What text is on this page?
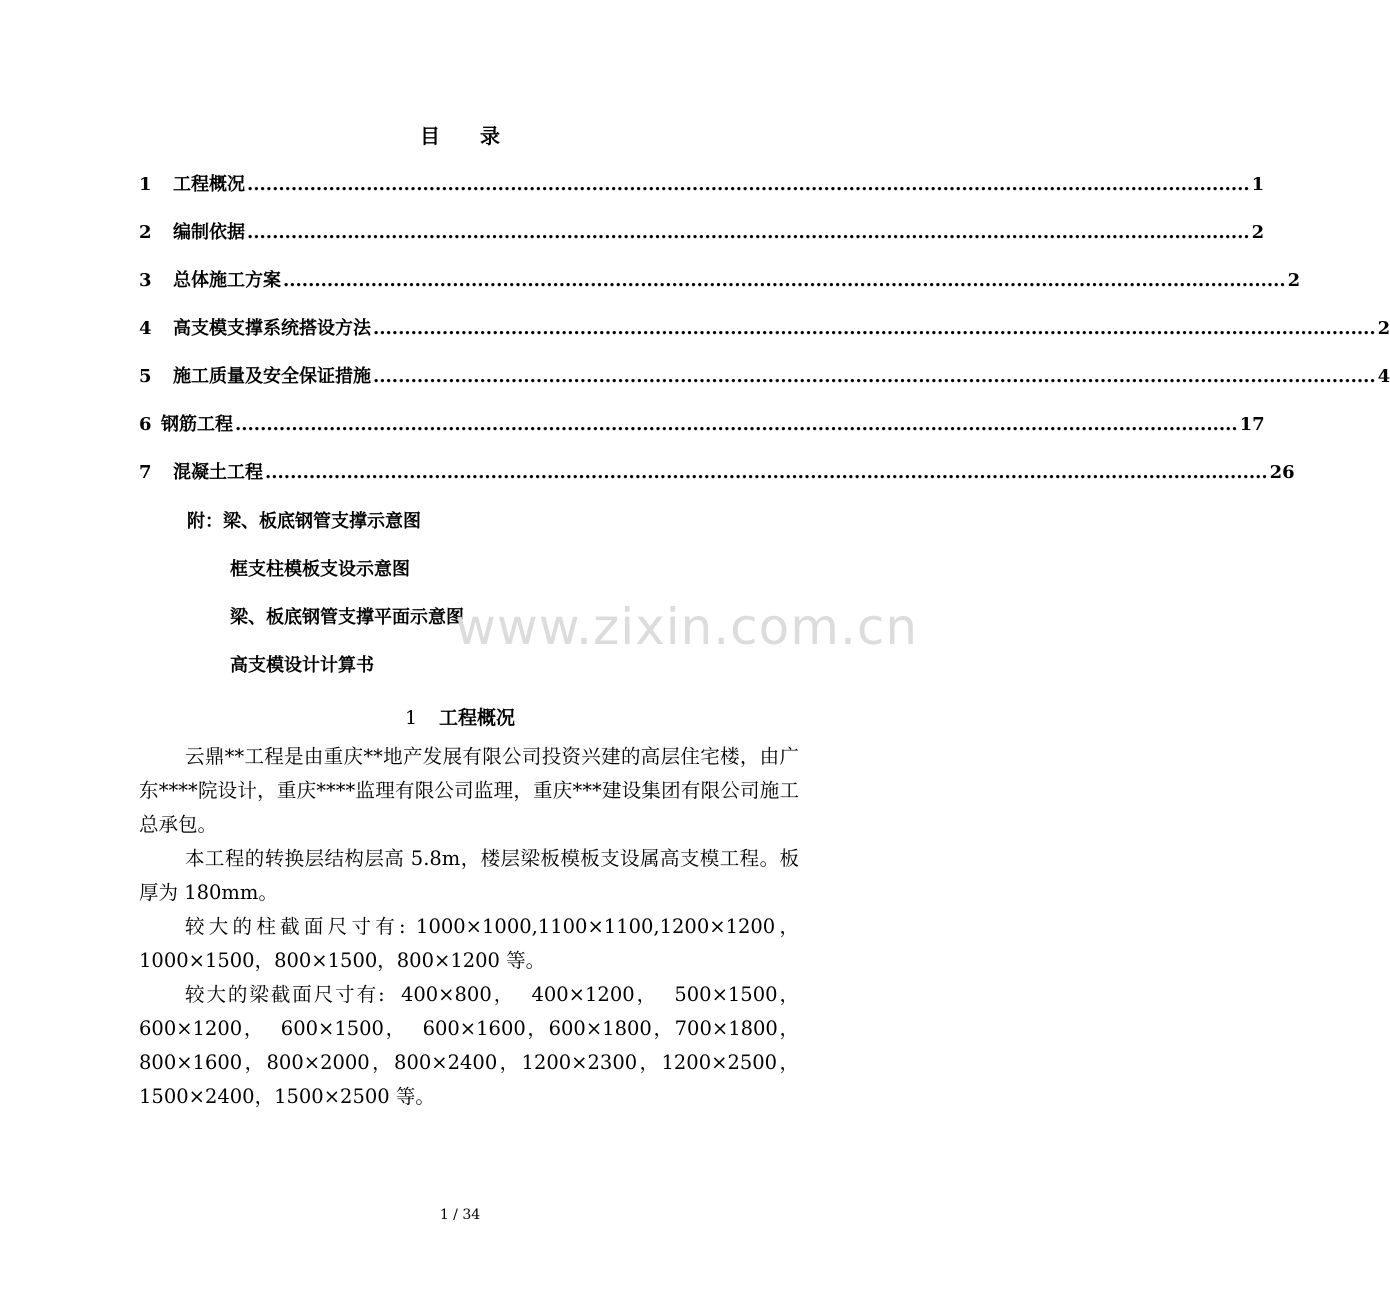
目录
1	工程概况 ................................................................................................................................................................ 1
2	编制依据 ................................................................................................................................................................ 2
3	总体施工方案 ................................................................................................................................................................ 2
4	高支模支撑系统搭设方法 ................................................................................................................................................................ 2
5	施工质量及安全保证措施 ................................................................................................................................................................ 4
6 钢筋工程 ................................................................................................................................................................ 17
7	混凝土工程 ................................................................................................................................................................ 26
附：梁、板底钢管支撑示意图
框支柱模板支设示意图
梁、板底钢管支撑平面示意图
高支模设计计算书
www.zixin.com.cn
1 工程概况

云鼎**工程是由重庆**地产发展有限公司投资兴建的高层住宅楼，由广东****院设计，重庆****监理有限公司监理，重庆***建设集团有限公司施工总承包。

本工程的转换层结构层高 5.8m，楼层梁板模板支设属高支模工程。板厚为 180mm。

较大的柱截面尺寸有: 1000×1000,1100×1100,1200×1200，1000×1500，800×1500，800×1200 等。

较大的梁截面尺寸有:  400×800，  400×1200，  500×1500，600×1200，  600×1500，  600×1600，600×1800，700×1800，800×1600，800×2000，800×2400，1200×2300，1200×2500，1500×2400，1500×2500 等。

1 / 34
